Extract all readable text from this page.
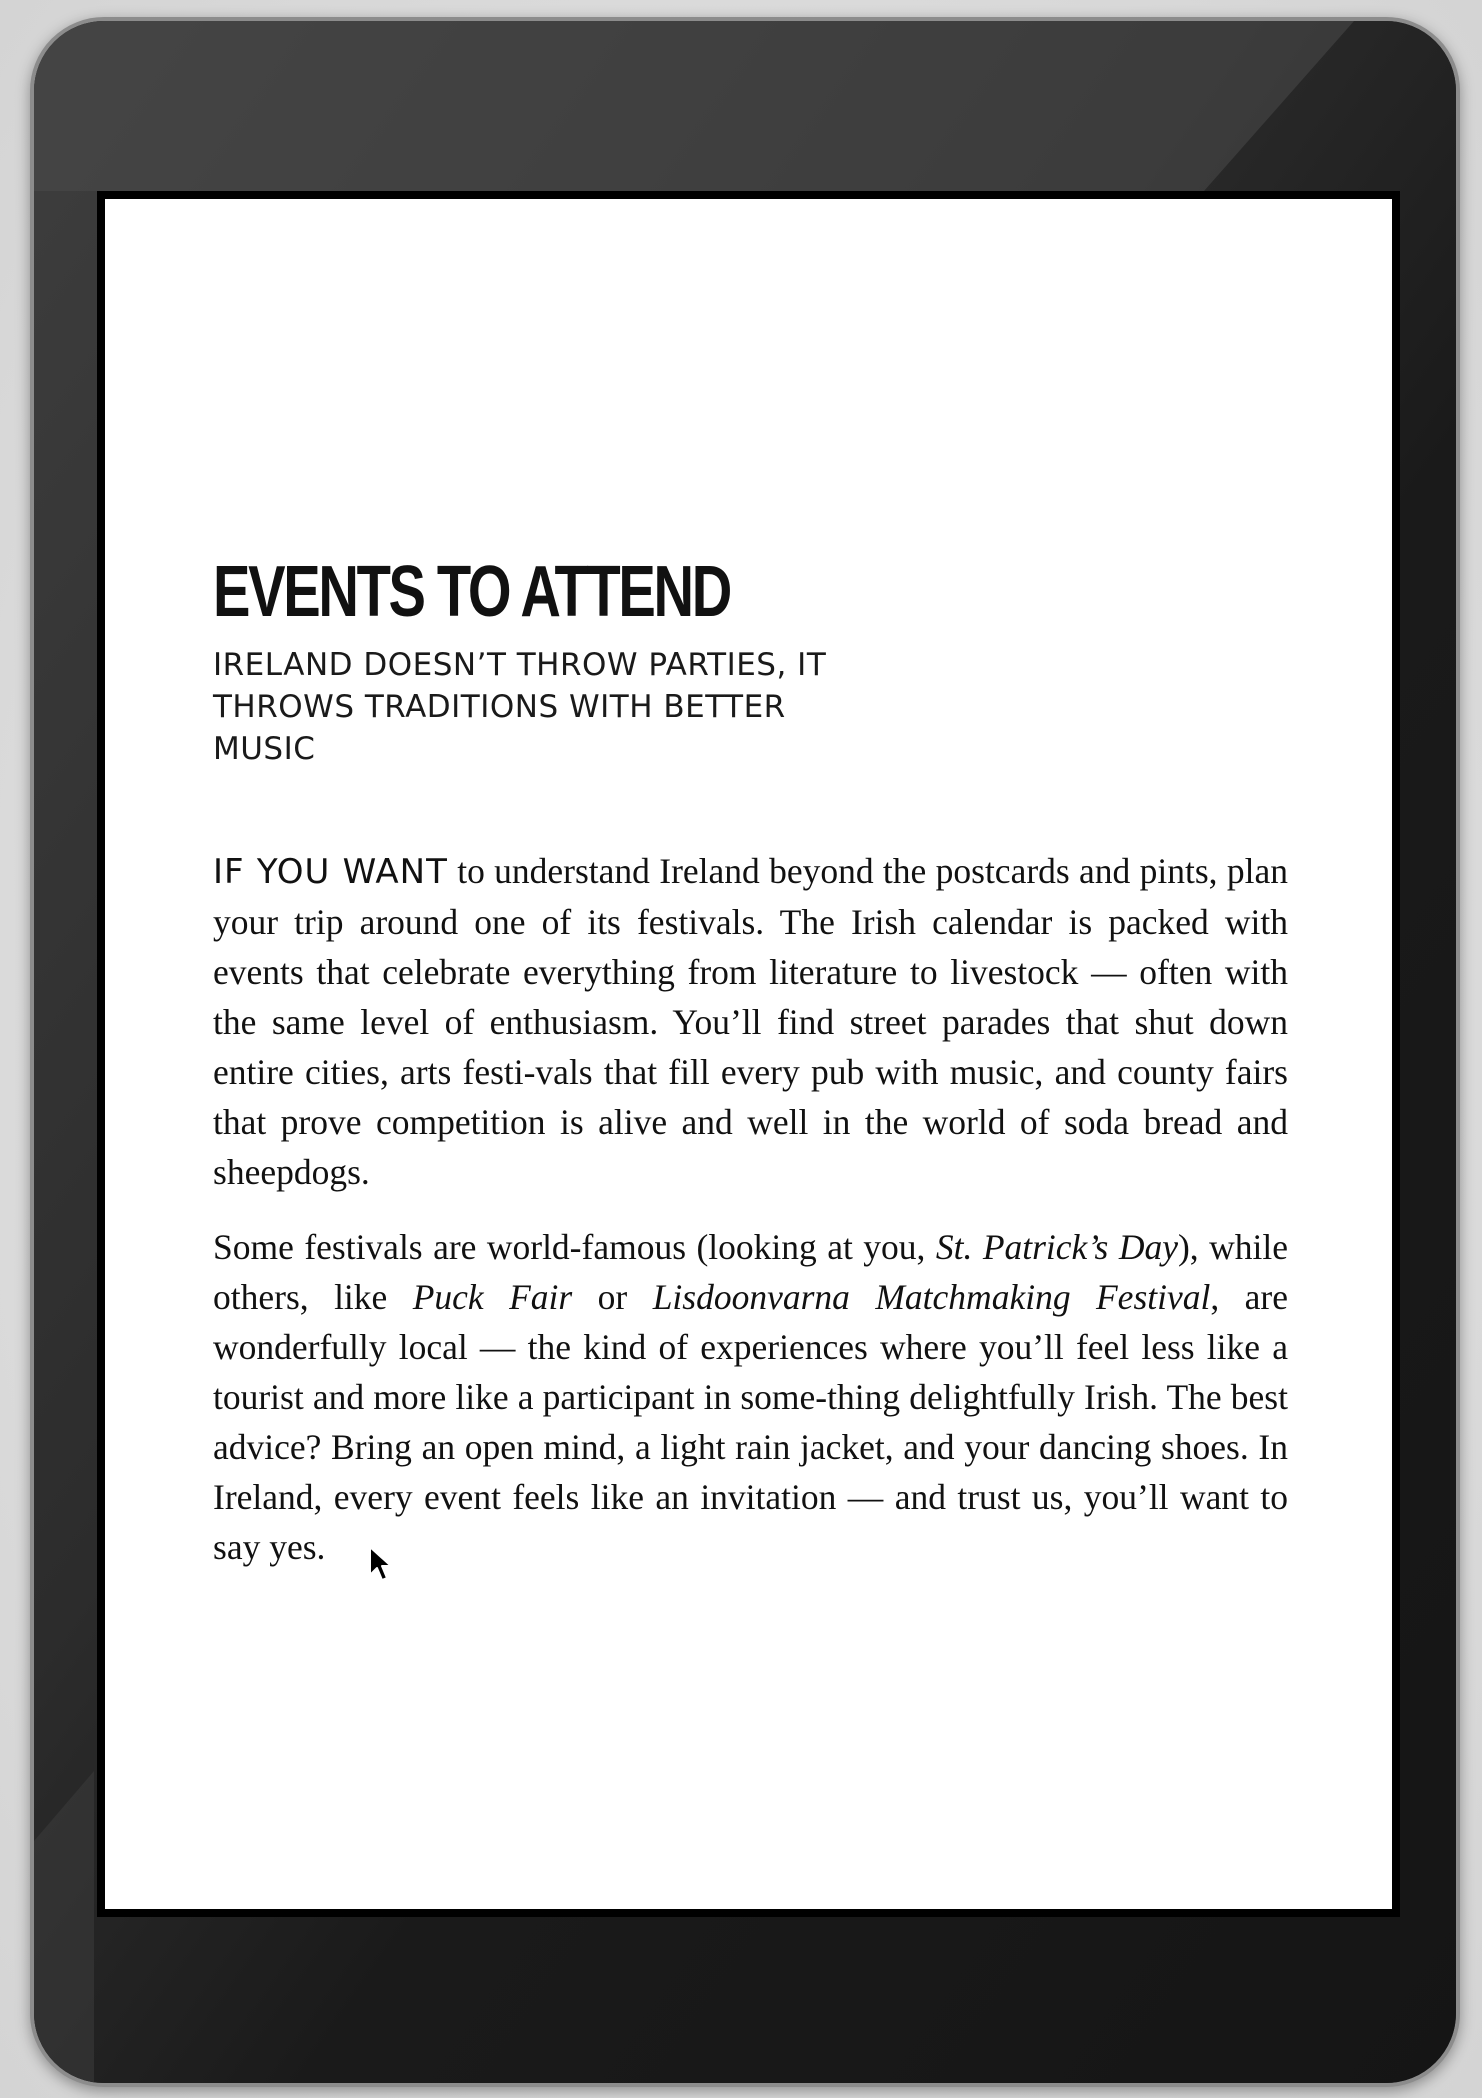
EVENTS TO ATTEND
IRELAND DOESN’T THROW PARTIES, IT THROWS TRADITIONS WITH BETTER MUSIC

IF YOU WANT to understand Ireland beyond the postcards and pints, plan your trip around one of its festivals. The Irish calendar is packed with events that celebrate everything from literature to livestock — often with the same level of enthusiasm. You’ll find street parades that shut down entire cities, arts festi-vals that fill every pub with music, and county fairs that prove competition is alive and well in the world of soda bread and sheepdogs.

Some festivals are world-famous (looking at you, St. Patrick’s Day), while others, like Puck Fair or Lisdoonvarna Matchmaking Festival, are wonderfully local — the kind of experiences where you’ll feel less like a tourist and more like a participant in some-thing delightfully Irish. The best advice? Bring an open mind, a light rain jacket, and your dancing shoes. In Ireland, every event feels like an invitation — and trust us, you’ll want to say yes.
